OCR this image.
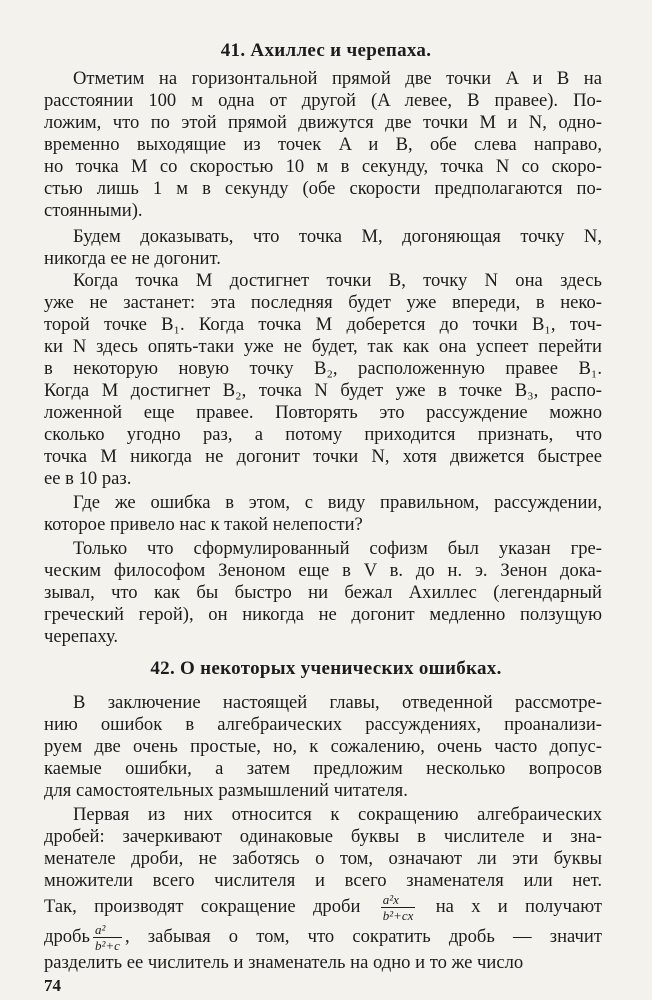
41. Ахиллес и черепаха.
Отметим на горизонтальной прямой две точки A и B на
расстоянии 100 м одна от другой (A левее, B правее). По-
ложим, что по этой прямой движутся две точки M и N, одно-
временно выходящие из точек A и B, обе слева направо,
но точка M со скоростью 10 м в секунду, точка N со скоро-
стью лишь 1 м в секунду (обе скорости предполагаются по-
стоянными).
Будем доказывать, что точка M, догоняющая точку N,
никогда ее не догонит.
Когда точка M достигнет точки B, точку N она здесь
уже не застанет: эта последняя будет уже впереди, в неко-
торой точке B₁. Когда точка M доберется до точки B₁, точ-
ки N здесь опять-таки уже не будет, так как она успеет перейти
в некоторую новую точку B₂, расположенную правее B₁.
Когда M достигнет B₂, точка N будет уже в точке B₃, распо-
ложенной еще правее. Повторять это рассуждение можно
сколько угодно раз, а потому приходится признать, что
точка M никогда не догонит точки N, хотя движется быстрее
ее в 10 раз.
Где же ошибка в этом, с виду правильном, рассуждении,
которое привело нас к такой нелепости?
Только что сформулированный софизм был указан гре-
ческим философом Зеноном еще в V в. до н. э. Зенон дока-
зывал, что как бы быстро ни бежал Ахиллес (легендарный
греческий герой), он никогда не догонит медленно ползущую
черепаху.
42. О некоторых ученических ошибках.
В заключение настоящей главы, отведенной рассмотре-
нию ошибок в алгебраических рассуждениях, проанализи-
руем две очень простые, но, к сожалению, очень часто допус-
каемые ошибки, а затем предложим несколько вопросов
для самостоятельных размышлений читателя.
Первая из них относится к сокращению алгебраических
дробей: зачеркивают одинаковые буквы в числителе и зна-
менателе дроби, не заботясь о том, означают ли эти буквы
множители всего числителя и всего знаменателя или нет.
Так, производят сокращение дроби $\frac{\text{a²x}}{\text{b²+cx}}$ на x и получают
дробь $\frac{\text{a²}}{\text{b²+c}}$ , забывая о том, что сократить дробь — значит
разделить ее числитель и знаменатель на одно и то же число
74
